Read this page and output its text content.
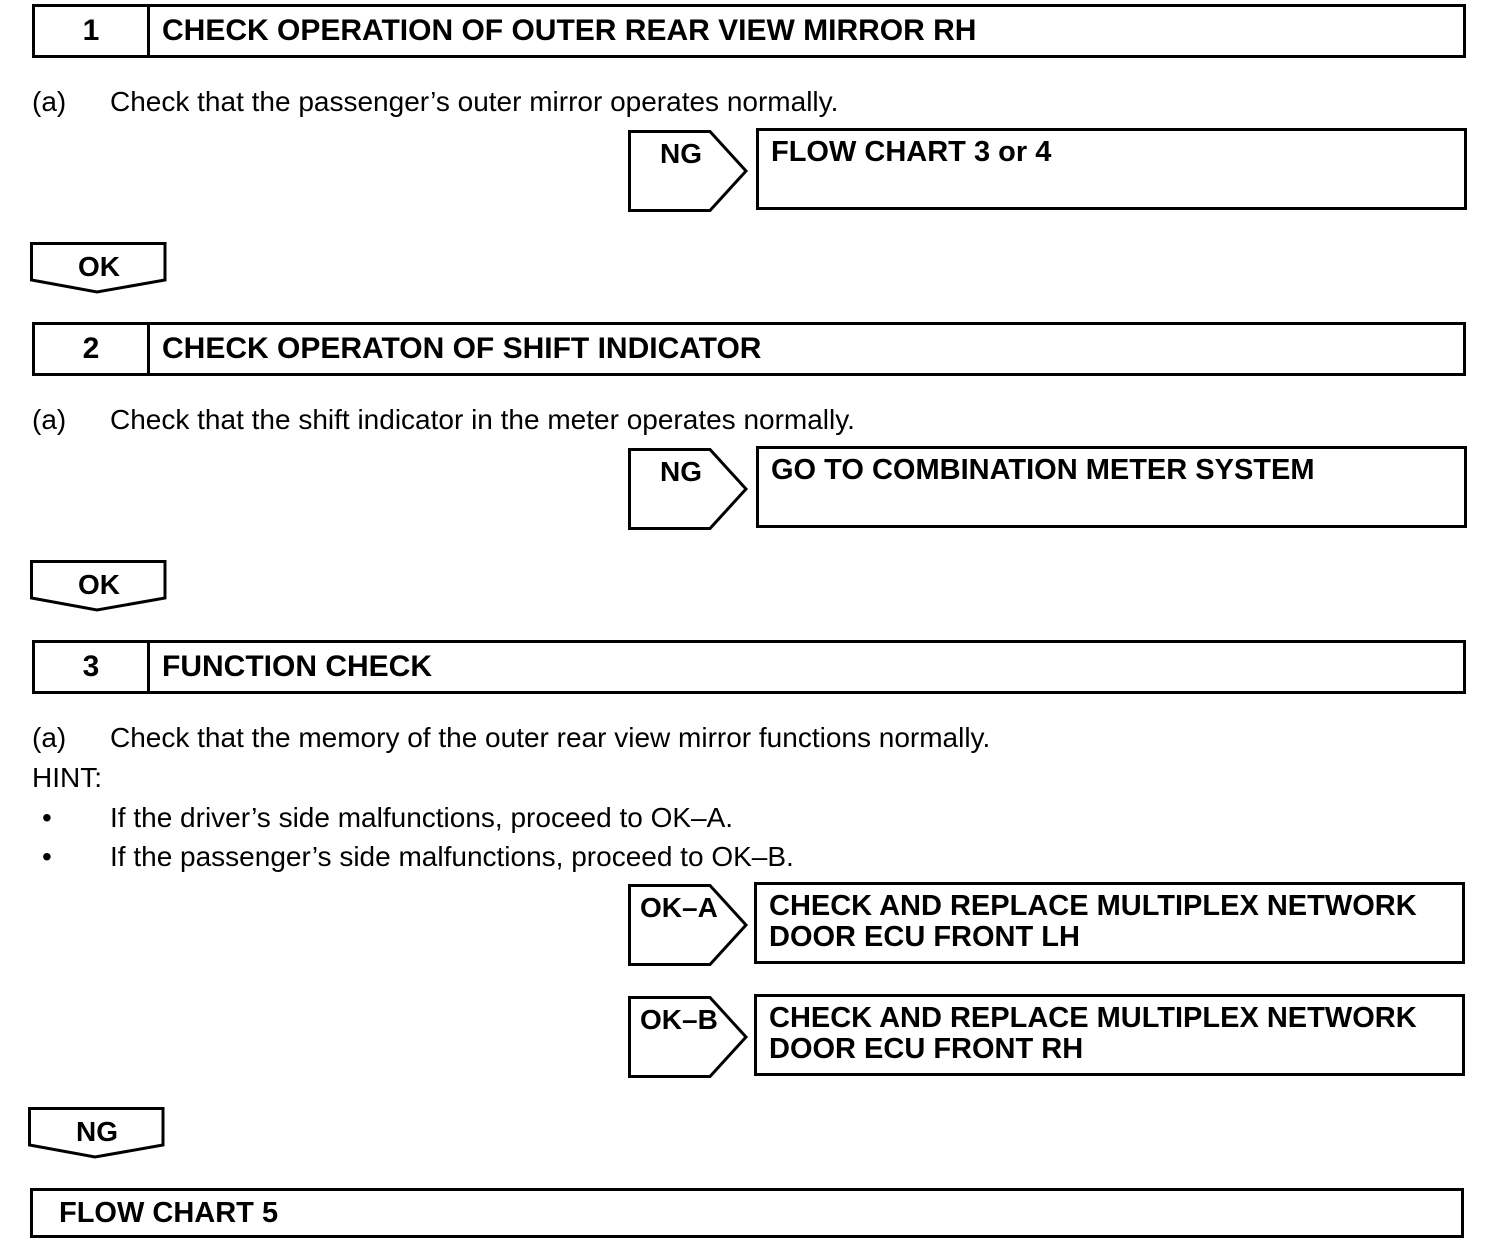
1	CHECK OPERATION OF OUTER REAR VIEW MIRROR RH
(a) Check that the passenger’s outer mirror operates normally.
NG	FLOW CHART 3 or 4
OK
2	CHECK OPERATON OF SHIFT INDICATOR
(a) Check that the shift indicator in the meter operates normally.
NG	GO TO COMBINATION METER SYSTEM
OK
3	FUNCTION CHECK
(a) Check that the memory of the outer rear view mirror functions normally.
HINT:
• If the driver’s side malfunctions, proceed to OK–A.
• If the passenger’s side malfunctions, proceed to OK–B.
OK–A CHECK AND REPLACE MULTIPLEX NETWORK
DOOR ECU FRONT LH
OK–B CHECK AND REPLACE MULTIPLEX NETWORK
DOOR ECU FRONT RH
NG
FLOW CHART 5
